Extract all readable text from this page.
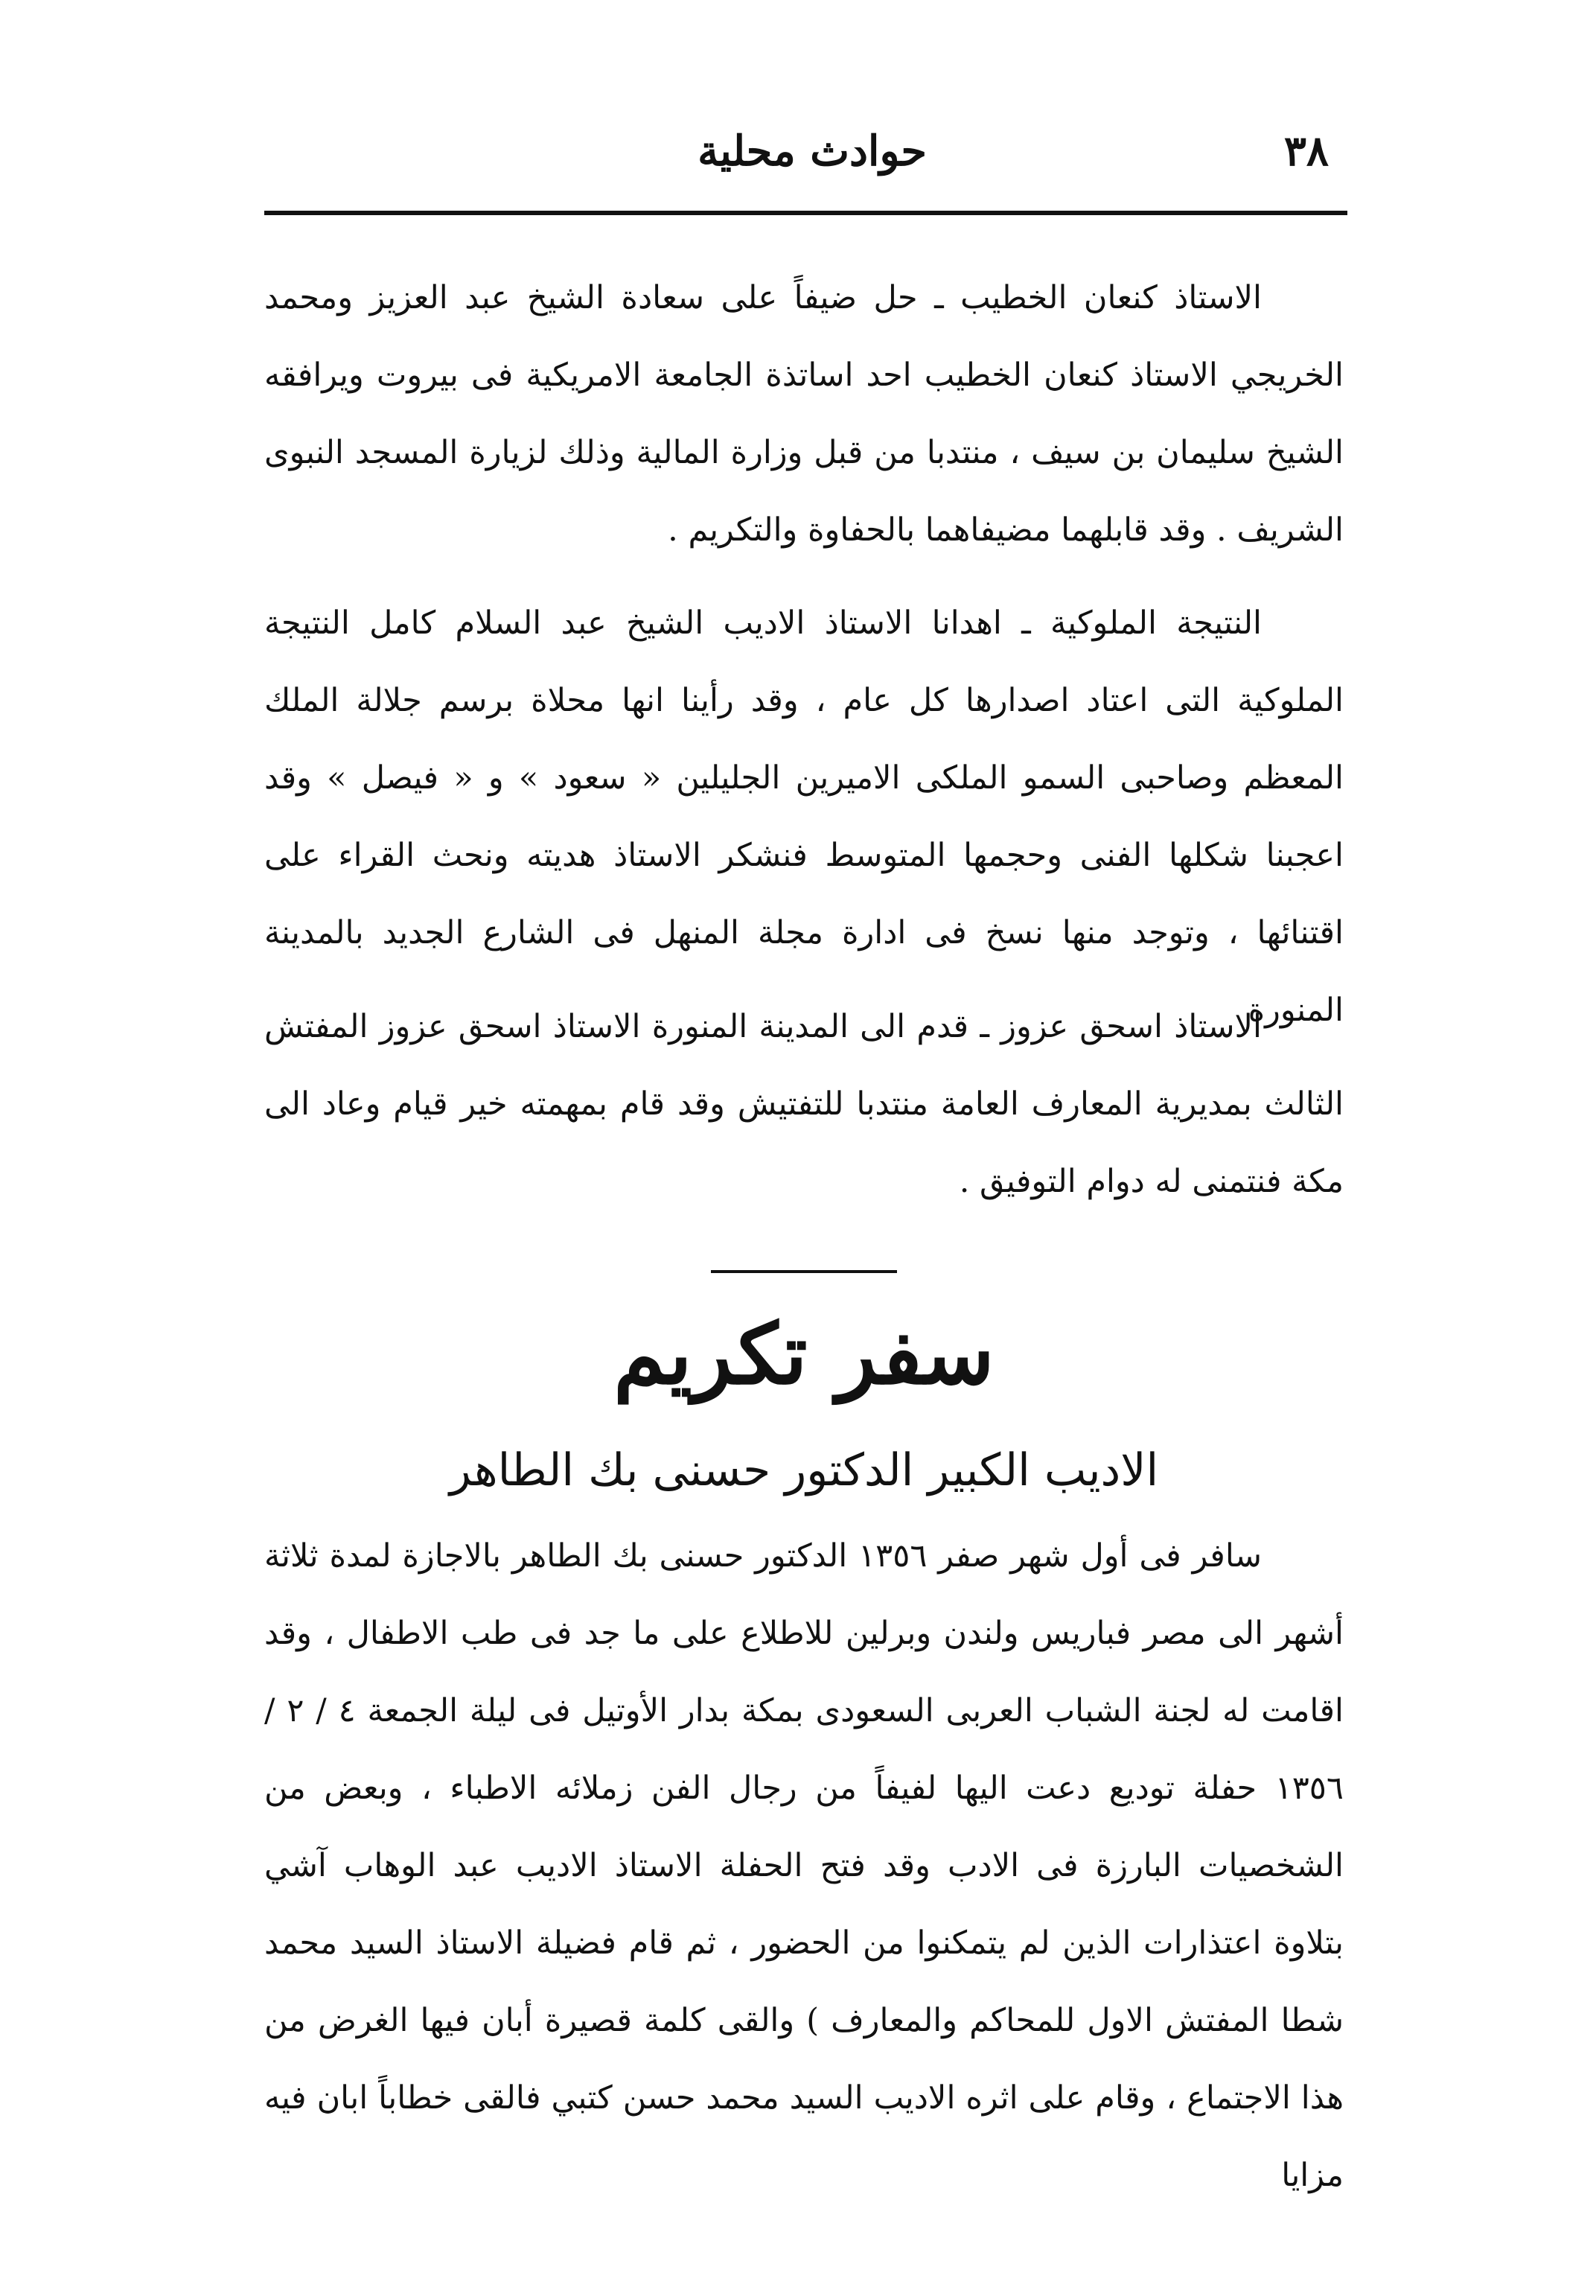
٣٨
حوادث محلية

الاستاذ كنعان الخطيب ـ حل ضيفاً على سعادة الشيخ عبد العزيز ومحمد الخريجي الاستاذ كنعان الخطيب احد اساتذة الجامعة الامريكية فى بيروت ويرافقه الشيخ سليمان بن سيف ، منتدبا من قبل وزارة المالية وذلك لزيارة المسجد النبوى الشريف . وقد قابلهما مضيفاهما بالحفاوة والتكريم .

النتيجة الملوكية ـ اهدانا الاستاذ الاديب الشيخ عبد السلام كامل النتيجة الملوكية التى اعتاد اصدارها كل عام ، وقد رأينا انها محلاة برسم جلالة الملك المعظم وصاحبى السمو الملكى الاميرين الجليلين « سعود » و « فيصل » وقد اعجبنا شكلها الفنى وحجمها المتوسط فنشكر الاستاذ هديته ونحث القراء على اقتنائها ، وتوجد منها نسخ فى ادارة مجلة المنهل فى الشارع الجديد بالمدينة المنورة

الاستاذ اسحق عزوز ـ قدم الى المدينة المنورة الاستاذ اسحق عزوز المفتش الثالث بمديرية المعارف العامة منتدبا للتفتيش وقد قام بمهمته خير قيام وعاد الى مكة فنتمنى له دوام التوفيق .

سفر تكريم
الاديب الكبير الدكتور حسنى بك الطاهر

سافر فى أول شهر صفر ١٣٥٦ الدكتور حسنى بك الطاهر بالاجازة لمدة ثلاثة أشهر الى مصر فباريس ولندن وبرلين للاطلاع على ما جد فى طب الاطفال ، وقد اقامت له لجنة الشباب العربى السعودى بمكة بدار الأوتيل فى ليلة الجمعة ٤ / ٢ / ١٣٥٦ حفلة توديع دعت اليها لفيفاً من رجال الفن زملائه الاطباء ، وبعض من الشخصيات البارزة فى الادب وقد فتح الحفلة الاستاذ الاديب عبد الوهاب آشي بتلاوة اعتذارات الذين لم يتمكنوا من الحضور ، ثم قام فضيلة الاستاذ السيد محمد شطا المفتش الاول للمحاكم والمعارف ) والقى كلمة قصيرة أبان فيها الغرض من هذا الاجتماع ، وقام على اثره الاديب السيد محمد حسن كتبي فالقى خطاباً ابان فيه مزايا
